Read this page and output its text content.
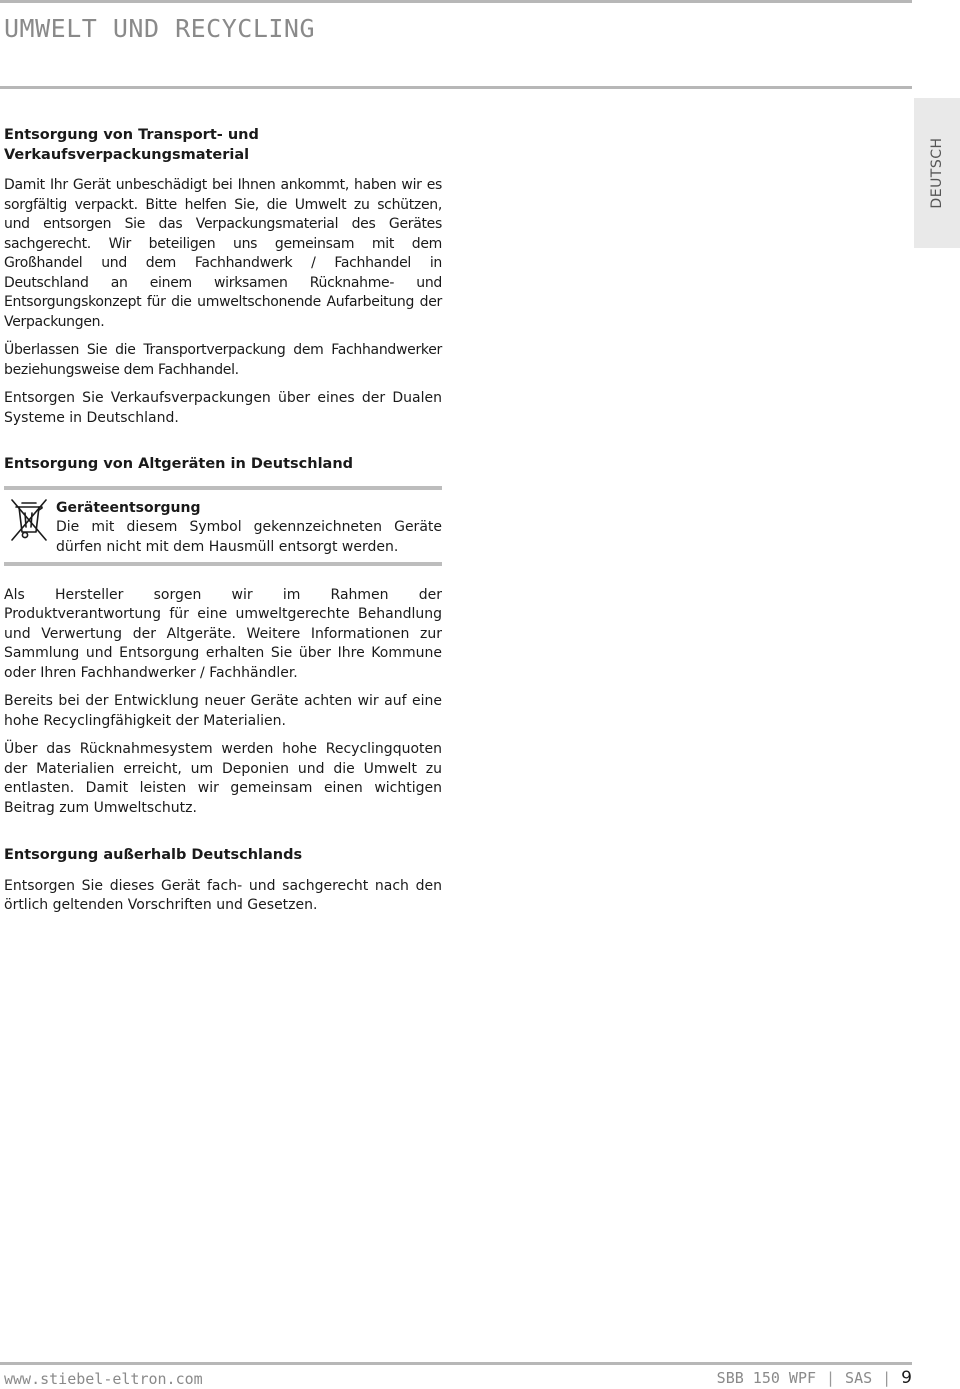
UMWELT UND RECYCLING
DEUTSCH
Entsorgung von Transport- und
Verkaufsverpackungsmaterial

Damit Ihr Gerät unbeschädigt bei Ihnen ankommt, haben wir es sorgfältig verpackt. Bitte helfen Sie, die Umwelt zu schützen, und entsorgen Sie das Verpackungsmaterial des Gerätes sachgerecht. Wir beteiligen uns gemeinsam mit dem Großhandel und dem Fachhandwerk / Fachhandel in Deutschland an einem wirksamen Rücknahme- und Entsorgungskonzept für die umweltschonende Aufarbeitung der Verpackungen.

Überlassen Sie die Transportverpackung dem Fachhandwerker beziehungsweise dem Fachhandel.

Entsorgen Sie Verkaufsverpackungen über eines der Dualen Systeme in Deutschland.

Entsorgung von Altgeräten in Deutschland
Geräteentsorgung
Die mit diesem Symbol gekennzeichneten Geräte dürfen nicht mit dem Hausmüll entsorgt werden.

Als Hersteller sorgen wir im Rahmen der Produktverantwortung für eine umweltgerechte Behandlung und Verwertung der Altgeräte. Weitere Informationen zur Sammlung und Entsorgung erhalten Sie über Ihre Kommune oder Ihren Fachhandwerker / Fachhändler.

Bereits bei der Entwicklung neuer Geräte achten wir auf eine hohe Recyclingfähigkeit der Materialien.

Über das Rücknahmesystem werden hohe Recyclingquoten der Materialien erreicht, um Deponien und die Umwelt zu entlasten. Damit leisten wir gemeinsam einen wichtigen Beitrag zum Umweltschutz.

Entsorgung außerhalb Deutschlands

Entsorgen Sie dieses Gerät fach- und sachgerecht nach den örtlich geltenden Vorschriften und Gesetzen.

www.stiebel-eltron.com	SBB 150 WPF | SAS | 9
